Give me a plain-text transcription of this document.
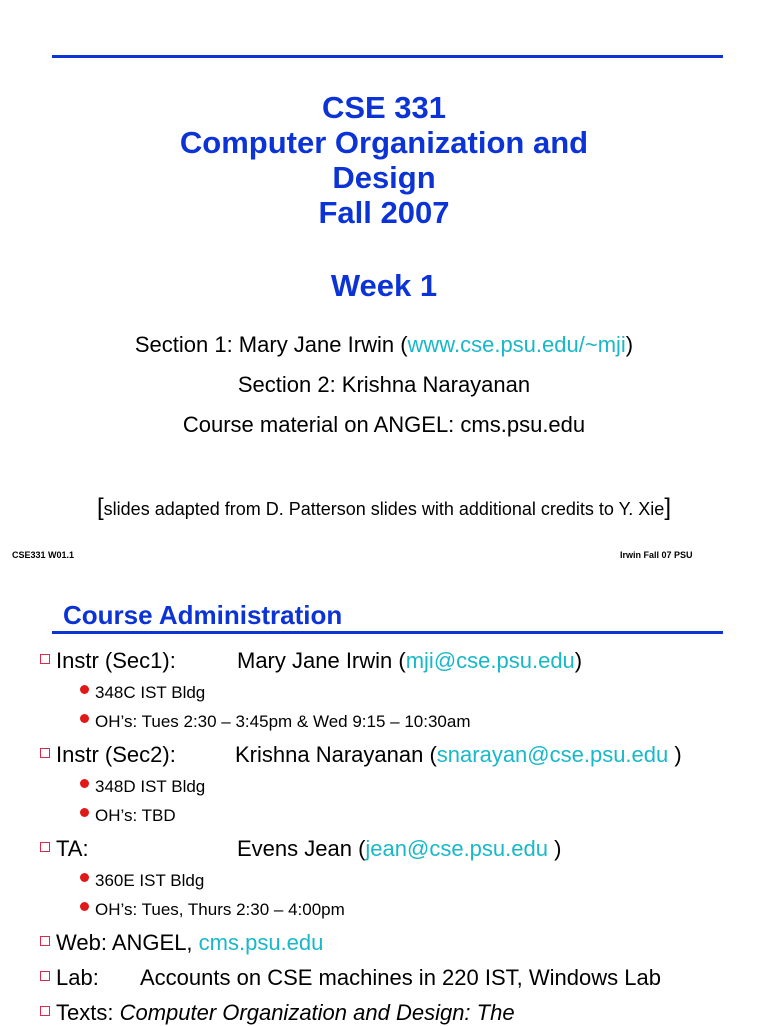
CSE 331
Computer Organization and
Design
Fall 2007
Week 1
Section 1: Mary Jane Irwin (www.cse.psu.edu/~mji)
Section 2: Krishna Narayanan
Course material on ANGEL: cms.psu.edu
[slides adapted from D. Patterson slides with additional credits to Y. Xie]
CSE331 W01.1	Irwin Fall 07 PSU
Course Administration
Instr (Sec1):	Mary Jane Irwin (mji@cse.psu.edu)
348C IST Bldg
OH’s: Tues 2:30 – 3:45pm & Wed 9:15 – 10:30am
Instr (Sec2):	Krishna Narayanan (snarayan@cse.psu.edu )
348D IST Bldg
OH’s: TBD
TA:	Evens Jean (jean@cse.psu.edu )
360E IST Bldg
OH’s: Tues, Thurs 2:30 – 4:00pm
Web: ANGEL, cms.psu.edu
Lab: Accounts on CSE machines in 220 IST, Windows Lab
Texts: Computer Organization and Design: The
